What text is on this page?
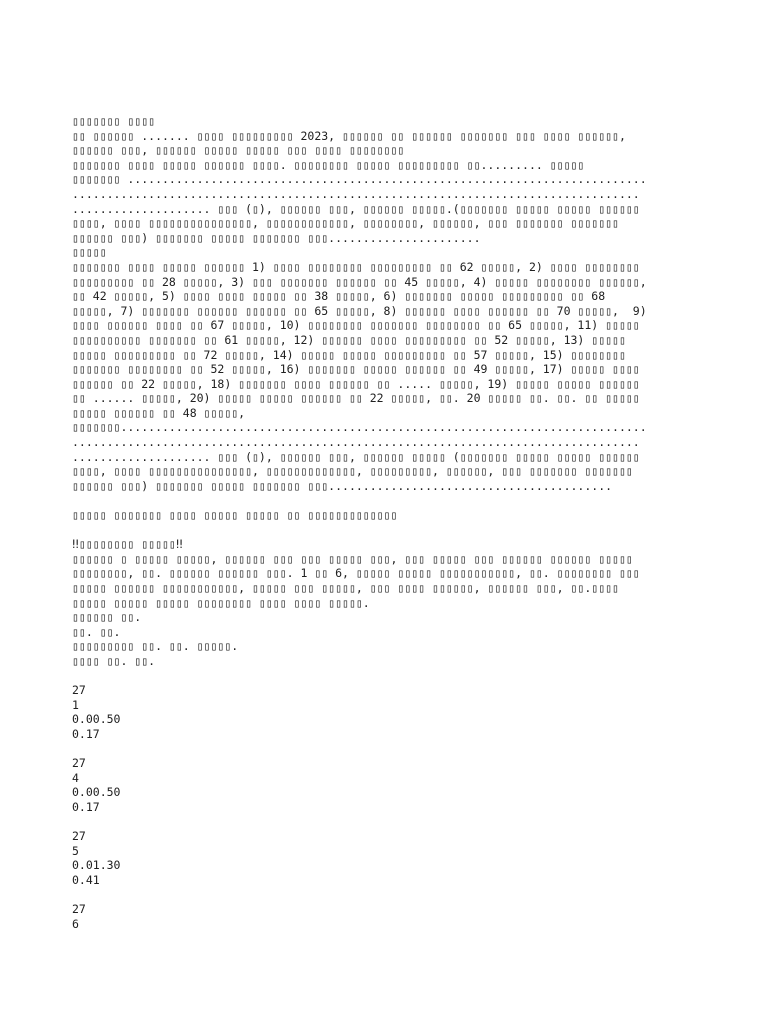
▯▯▯▯▯▯▯ ▯▯▯▯
▯▯ ▯▯▯▯▯▯ ....... ▯▯▯▯ ▯▯▯▯▯▯▯▯▯ 2023, ▯▯▯▯▯▯ ▯▯ ▯▯▯▯▯▯ ▯▯▯▯▯▯▯ ▯▯▯ ▯▯▯▯ ▯▯▯▯▯▯,
▯▯▯▯▯▯ ▯▯▯, ▯▯▯▯▯▯ ▯▯▯▯▯ ▯▯▯▯▯ ▯▯▯ ▯▯▯▯ ▯▯▯▯▯▯▯▯
▯▯▯▯▯▯▯ ▯▯▯▯ ▯▯▯▯▯ ▯▯▯▯▯▯ ▯▯▯▯. ▯▯▯▯▯▯▯▯ ▯▯▯▯▯ ▯▯▯▯▯▯▯▯▯ ▯▯......... ▯▯▯▯▯
▯▯▯▯▯▯▯ ...........................................................................
..................................................................................
.................... ▯▯▯ (▯), ▯▯▯▯▯▯ ▯▯▯, ▯▯▯▯▯▯ ▯▯▯▯▯.(▯▯▯▯▯▯▯ ▯▯▯▯▯ ▯▯▯▯▯ ▯▯▯▯▯▯
▯▯▯▯, ▯▯▯▯ ▯▯▯▯▯▯▯▯▯▯▯▯▯▯▯, ▯▯▯▯▯▯▯▯▯▯▯▯, ▯▯▯▯▯▯▯▯, ▯▯▯▯▯▯, ▯▯▯ ▯▯▯▯▯▯▯ ▯▯▯▯▯▯▯
▯▯▯▯▯▯ ▯▯▯) ▯▯▯▯▯▯▯ ▯▯▯▯▯ ▯▯▯▯▯▯▯ ▯▯▯......................
▯▯▯▯▯
▯▯▯▯▯▯▯ ▯▯▯▯ ▯▯▯▯▯ ▯▯▯▯▯▯ 1) ▯▯▯▯ ▯▯▯▯▯▯▯▯ ▯▯▯▯▯▯▯▯▯ ▯▯ 62 ▯▯▯▯▯, 2) ▯▯▯▯ ▯▯▯▯▯▯▯▯
▯▯▯▯▯▯▯▯▯ ▯▯ 28 ▯▯▯▯▯, 3) ▯▯▯ ▯▯▯▯▯▯▯ ▯▯▯▯▯▯ ▯▯ 45 ▯▯▯▯▯, 4) ▯▯▯▯▯ ▯▯▯▯▯▯▯▯ ▯▯▯▯▯▯,
▯▯ 42 ▯▯▯▯▯, 5) ▯▯▯▯ ▯▯▯▯ ▯▯▯▯▯ ▯▯ 38 ▯▯▯▯▯, 6) ▯▯▯▯▯▯▯ ▯▯▯▯▯ ▯▯▯▯▯▯▯▯▯ ▯▯ 68
▯▯▯▯▯, 7) ▯▯▯▯▯▯▯ ▯▯▯▯▯▯ ▯▯▯▯▯▯ ▯▯ 65 ▯▯▯▯▯, 8) ▯▯▯▯▯▯ ▯▯▯▯ ▯▯▯▯▯▯ ▯▯ 70 ▯▯▯▯▯,  9)
▯▯▯▯ ▯▯▯▯▯▯ ▯▯▯▯ ▯▯ 67 ▯▯▯▯▯, 10) ▯▯▯▯▯▯▯▯ ▯▯▯▯▯▯▯ ▯▯▯▯▯▯▯▯ ▯▯ 65 ▯▯▯▯▯, 11) ▯▯▯▯▯
▯▯▯▯▯▯▯▯▯▯ ▯▯▯▯▯▯▯ ▯▯ 61 ▯▯▯▯▯, 12) ▯▯▯▯▯▯ ▯▯▯▯ ▯▯▯▯▯▯▯▯▯ ▯▯ 52 ▯▯▯▯▯, 13) ▯▯▯▯▯
▯▯▯▯▯ ▯▯▯▯▯▯▯▯▯ ▯▯ 72 ▯▯▯▯▯, 14) ▯▯▯▯▯ ▯▯▯▯▯ ▯▯▯▯▯▯▯▯▯ ▯▯ 57 ▯▯▯▯▯, 15) ▯▯▯▯▯▯▯▯
▯▯▯▯▯▯▯ ▯▯▯▯▯▯▯▯ ▯▯ 52 ▯▯▯▯▯, 16) ▯▯▯▯▯▯▯ ▯▯▯▯▯ ▯▯▯▯▯▯ ▯▯ 49 ▯▯▯▯▯, 17) ▯▯▯▯▯ ▯▯▯▯
▯▯▯▯▯▯ ▯▯ 22 ▯▯▯▯▯, 18) ▯▯▯▯▯▯▯ ▯▯▯▯ ▯▯▯▯▯▯ ▯▯ ..... ▯▯▯▯▯, 19) ▯▯▯▯▯ ▯▯▯▯▯ ▯▯▯▯▯▯
▯▯ ...... ▯▯▯▯▯, 20) ▯▯▯▯▯ ▯▯▯▯▯ ▯▯▯▯▯▯ ▯▯ 22 ▯▯▯▯▯, ▯▯. 20 ▯▯▯▯▯ ▯▯. ▯▯. ▯▯ ▯▯▯▯▯
▯▯▯▯▯ ▯▯▯▯▯▯ ▯▯ 48 ▯▯▯▯▯,
▯▯▯▯▯▯▯............................................................................
..................................................................................
.................... ▯▯▯ (▯), ▯▯▯▯▯▯ ▯▯▯, ▯▯▯▯▯▯ ▯▯▯▯▯ (▯▯▯▯▯▯▯ ▯▯▯▯▯ ▯▯▯▯▯ ▯▯▯▯▯▯
▯▯▯▯, ▯▯▯▯ ▯▯▯▯▯▯▯▯▯▯▯▯▯▯▯, ▯▯▯▯▯▯▯▯▯▯▯▯▯, ▯▯▯▯▯▯▯▯▯, ▯▯▯▯▯▯, ▯▯▯ ▯▯▯▯▯▯▯ ▯▯▯▯▯▯▯
▯▯▯▯▯▯ ▯▯▯) ▯▯▯▯▯▯▯ ▯▯▯▯▯ ▯▯▯▯▯▯▯ ▯▯▯.........................................
▯▯▯▯▯ ▯▯▯▯▯▯▯ ▯▯▯▯ ▯▯▯▯▯ ▯▯▯▯▯ ▯▯ ▯▯▯▯▯▯▯▯▯▯▯▯▯
‼▯▯▯▯▯▯▯▯ ▯▯▯▯▯‼
▯▯▯▯▯▯ ▯ ▯▯▯▯▯ ▯▯▯▯▯, ▯▯▯▯▯▯ ▯▯▯ ▯▯▯ ▯▯▯▯▯ ▯▯▯, ▯▯▯ ▯▯▯▯▯ ▯▯▯ ▯▯▯▯▯▯ ▯▯▯▯▯▯ ▯▯▯▯▯
▯▯▯▯▯▯▯▯, ▯▯. ▯▯▯▯▯▯ ▯▯▯▯▯▯ ▯▯▯. 1 ▯▯ 6, ▯▯▯▯▯ ▯▯▯▯▯ ▯▯▯▯▯▯▯▯▯▯▯, ▯▯. ▯▯▯▯▯▯▯▯ ▯▯▯
▯▯▯▯▯ ▯▯▯▯▯▯ ▯▯▯▯▯▯▯▯▯▯▯, ▯▯▯▯▯ ▯▯▯ ▯▯▯▯▯, ▯▯▯ ▯▯▯▯ ▯▯▯▯▯▯, ▯▯▯▯▯▯ ▯▯▯, ▯▯.▯▯▯▯
▯▯▯▯▯ ▯▯▯▯▯ ▯▯▯▯▯ ▯▯▯▯▯▯▯▯ ▯▯▯▯ ▯▯▯▯ ▯▯▯▯▯.
▯▯▯▯▯▯ ▯▯.
▯▯. ▯▯.
▯▯▯▯▯▯▯▯▯ ▯▯. ▯▯. ▯▯▯▯▯.
▯▯▯▯ ▯▯. ▯▯.
27
1
0.00.50
0.17
27
4
0.00.50
0.17
27
5
0.01.30
0.41
27
6
